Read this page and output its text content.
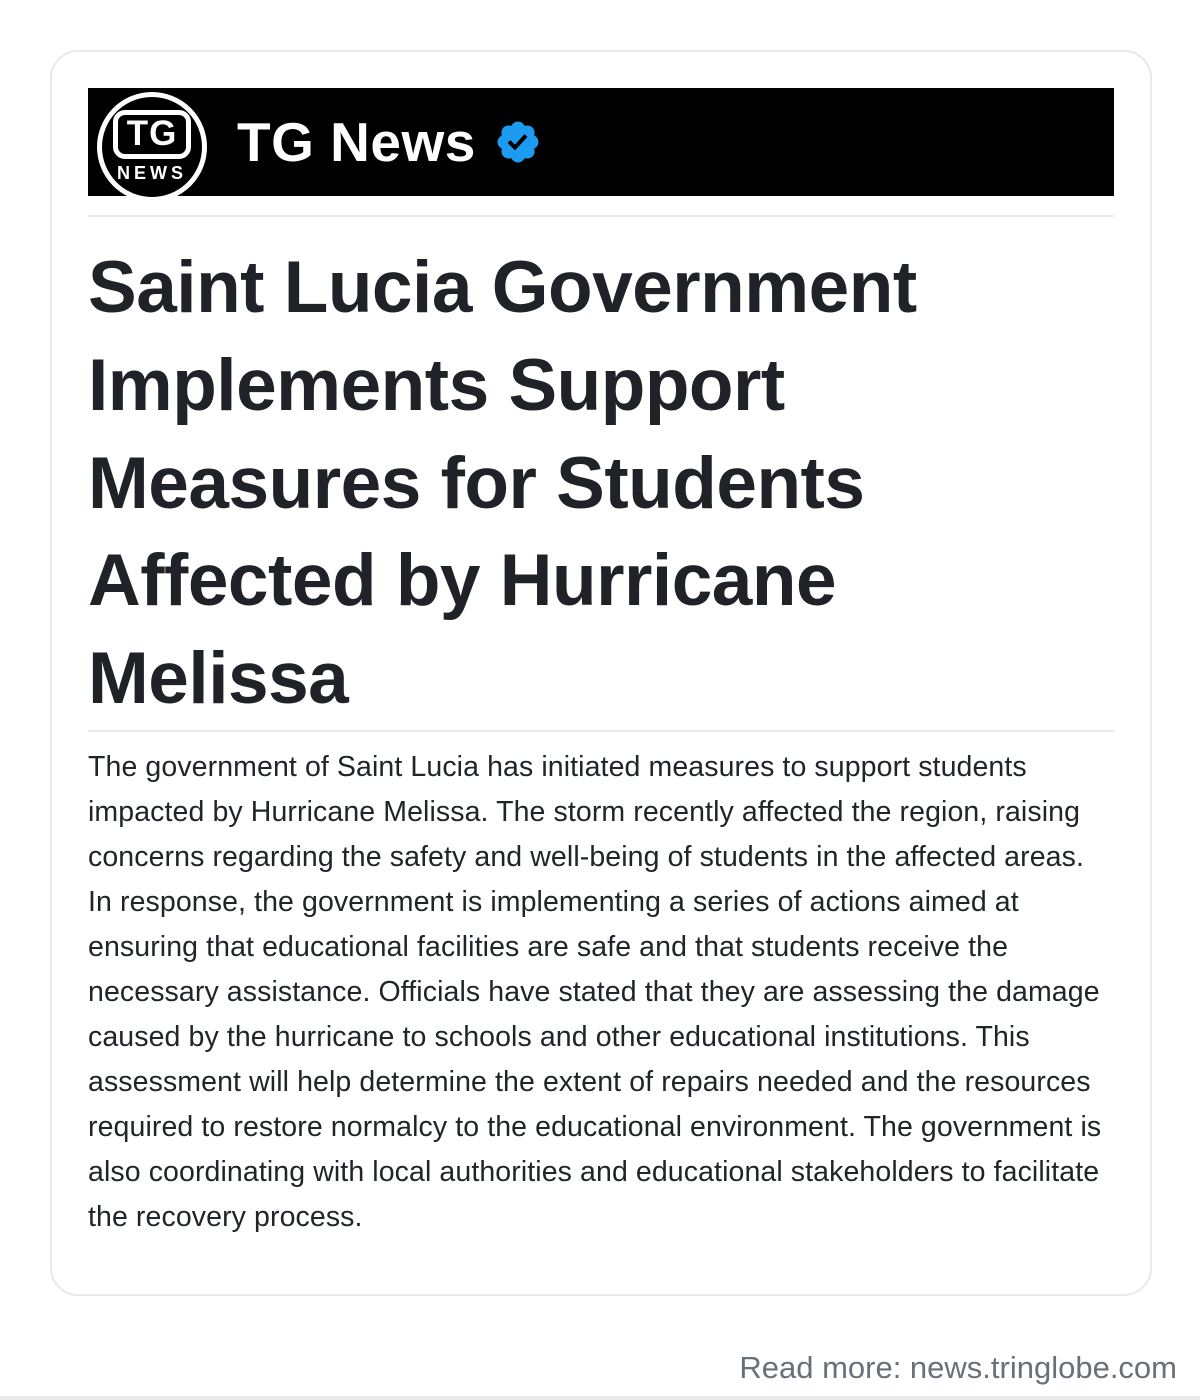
TG
NEWS TG News
Saint Lucia Government Implements Support Measures for Students Affected by Hurricane Melissa

The government of Saint Lucia has initiated measures to support students impacted by Hurricane Melissa. The storm recently affected the region, raising concerns regarding the safety and well-being of students in the affected areas. In response, the government is implementing a series of actions aimed at ensuring that educational facilities are safe and that students receive the necessary assistance. Officials have stated that they are assessing the damage caused by the hurricane to schools and other educational institutions. This assessment will help determine the extent of repairs needed and the resources required to restore normalcy to the educational environment. The government is also coordinating with local authorities and educational stakeholders to facilitate the recovery process.

Read more: news.tringlobe.com
